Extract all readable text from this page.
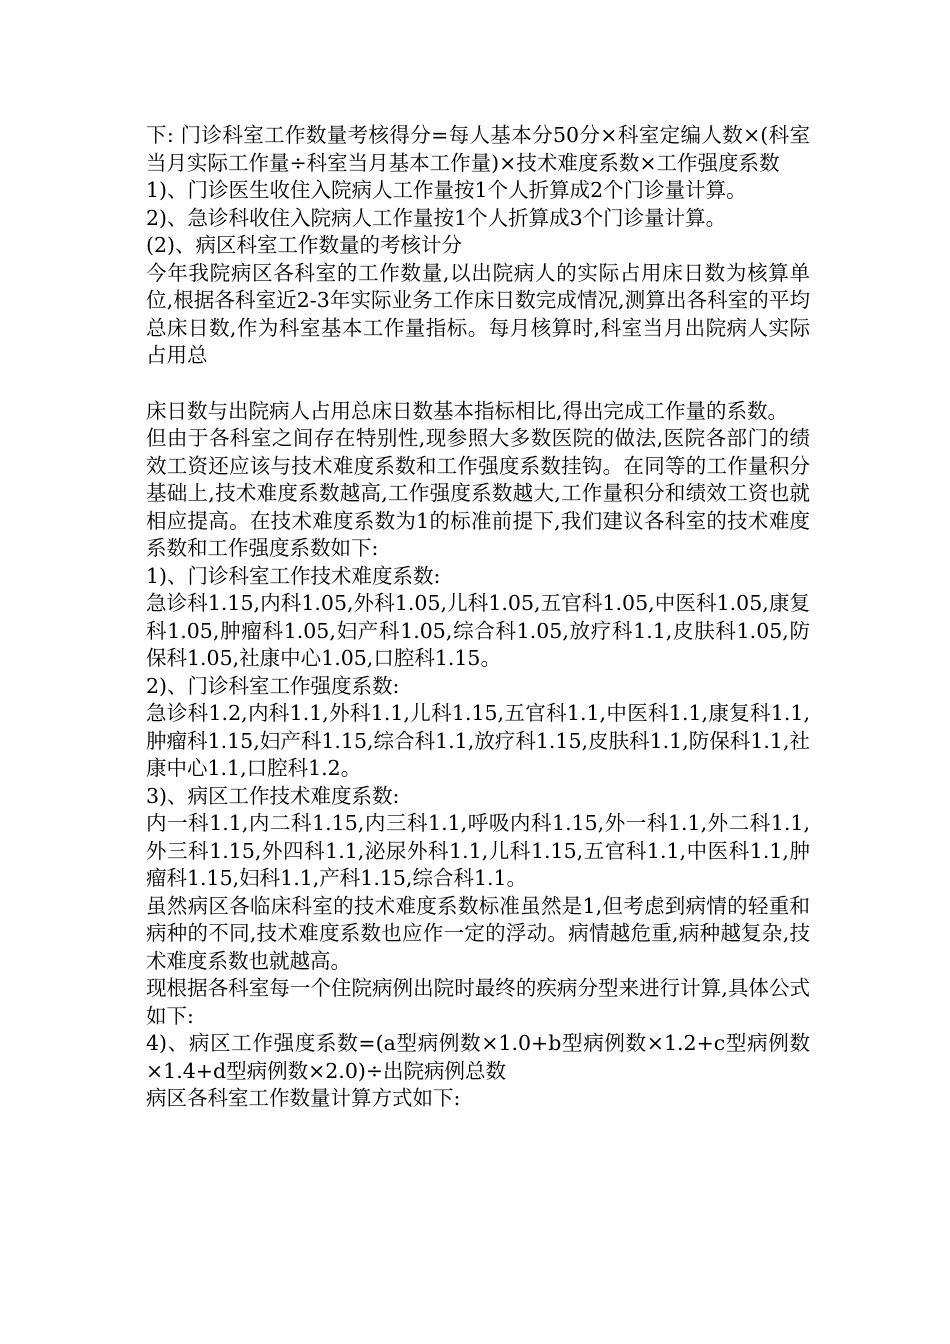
下: 门诊科室工作数量考核得分=每人基本分50分×科室定编人数×(科室当月实际工作量÷科室当月基本工作量)×技术难度系数×工作强度系数

1)、门诊医生收住入院病人工作量按1个人折算成2个门诊量计算。

2)、急诊科收住入院病人工作量按1个人折算成3个门诊量计算。

(2)、病区科室工作数量的考核计分

今年我院病区各科室的工作数量,以出院病人的实际占用床日数为核算单位,根据各科室近2-3年实际业务工作床日数完成情况,测算出各科室的平均总床日数,作为科室基本工作量指标。每月核算时,科室当月出院病人实际占用总

床日数与出院病人占用总床日数基本指标相比,得出完成工作量的系数。

但由于各科室之间存在特别性,现参照大多数医院的做法,医院各部门的绩效工资还应该与技术难度系数和工作强度系数挂钩。在同等的工作量积分基础上,技术难度系数越高,工作强度系数越大,工作量积分和绩效工资也就相应提高。在技术难度系数为1的标准前提下,我们建议各科室的技术难度系数和工作强度系数如下:

1)、门诊科室工作技术难度系数:

急诊科1.15,内科1.05,外科1.05,儿科1.05,五官科1.05,中医科1.05,康复科1.05,肿瘤科1.05,妇产科1.05,综合科1.05,放疗科1.1,皮肤科1.05,防保科1.05,社康中心1.05,口腔科1.15。

2)、门诊科室工作强度系数:

急诊科1.2,内科1.1,外科1.1,儿科1.15,五官科1.1,中医科1.1,康复科1.1,肿瘤科1.15,妇产科1.15,综合科1.1,放疗科1.15,皮肤科1.1,防保科1.1,社康中心1.1,口腔科1.2。

3)、病区工作技术难度系数:

内一科1.1,内二科1.15,内三科1.1,呼吸内科1.15,外一科1.1,外二科1.1,外三科1.15,外四科1.1,泌尿外科1.1,儿科1.15,五官科1.1,中医科1.1,肿瘤科1.15,妇科1.1,产科1.15,综合科1.1。

虽然病区各临床科室的技术难度系数标准虽然是1,但考虑到病情的轻重和病种的不同,技术难度系数也应作一定的浮动。病情越危重,病种越复杂,技术难度系数也就越高。

现根据各科室每一个住院病例出院时最终的疾病分型来进行计算,具体公式如下:

4)、病区工作强度系数=(a型病例数×1.0+b型病例数×1.2+c型病例数×1.4+d型病例数×2.0)÷出院病例总数

病区各科室工作数量计算方式如下:
